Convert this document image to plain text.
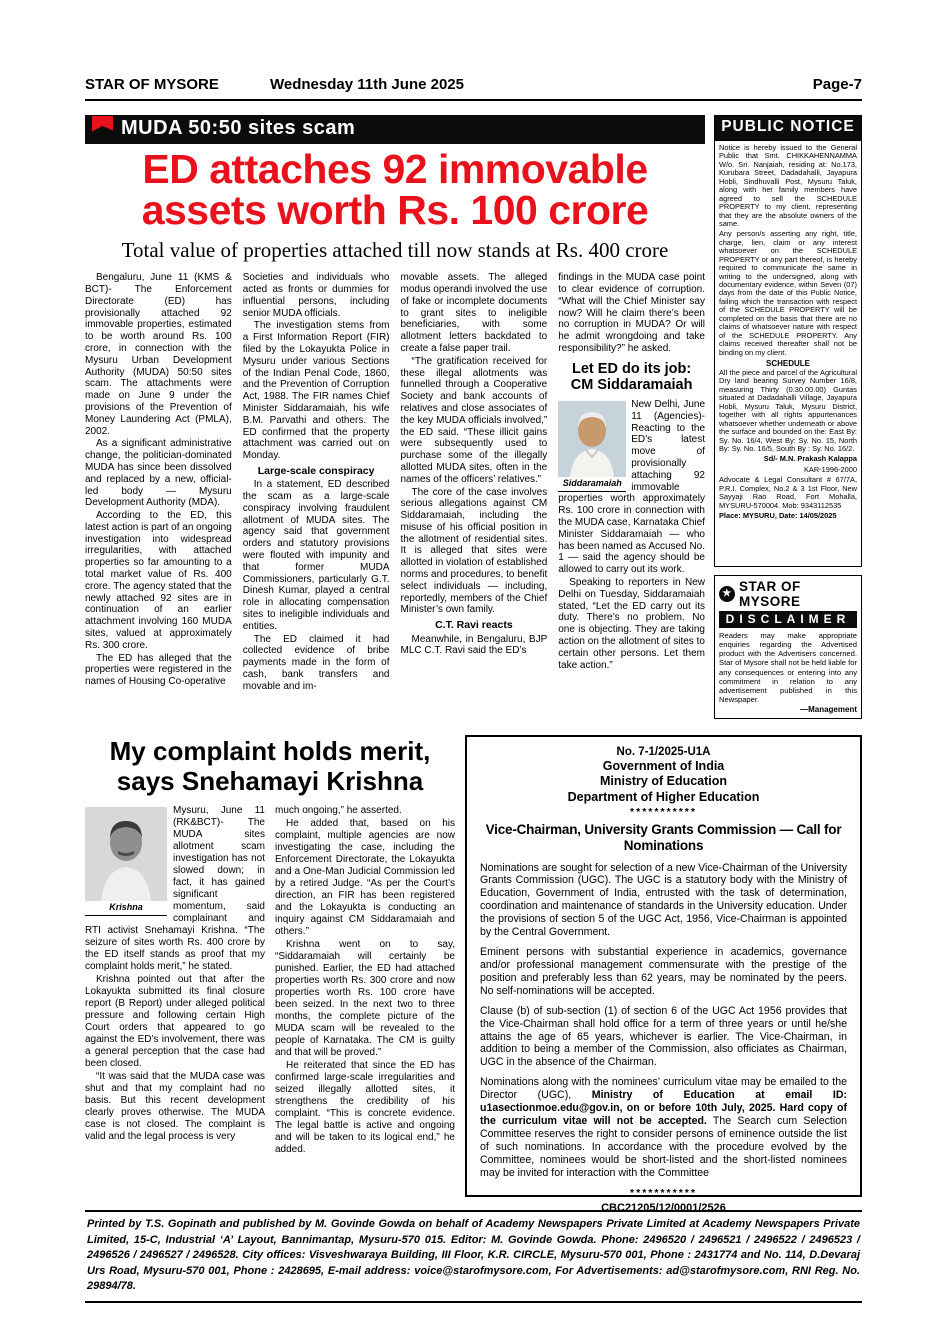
STAR OF MYSORE	Wednesday 11th June 2025	Page-7
MUDA 50:50 sites scam
ED attaches 92 immovable assets worth Rs. 100 crore
Total value of properties attached till now stands at Rs. 400 crore

Bengaluru, June 11 (KMS & BCT)- The Enforcement Directorate (ED) has provisionally attached 92 immovable properties, estimated to be worth around Rs. 100 crore, in connection with the Mysuru Urban Development Authority (MUDA) 50:50 sites scam. The attachments were made on June 9 under the provisions of the Prevention of Money Laundering Act (PMLA), 2002.

As a significant administrative change, the politician-dominated MUDA has since been dissolved and replaced by a new, official-led body — Mysuru Development Authority (MDA).

According to the ED, this latest action is part of an ongoing investigation into widespread irregularities, with attached properties so far amounting to a total market value of Rs. 400 crore. The agency stated that the newly attached 92 sites are in continuation of an earlier attachment involving 160 MUDA sites, valued at approximately Rs. 300 crore.

The ED has alleged that the properties were registered in the names of Housing Co-operative

Societies and individuals who acted as fronts or dummies for influential persons, including senior MUDA officials.

The investigation stems from a First Information Report (FIR) filed by the Lokayukta Police in Mysuru under various Sections of the Indian Penal Code, 1860, and the Prevention of Corruption Act, 1988. The FIR names Chief Minister Siddaramaiah, his wife B.M. Parvathi and others. The ED confirmed that the property attachment was carried out on Monday.

Large-scale conspiracy

In a statement, ED described the scam as a large-scale conspiracy involving fraudulent allotment of MUDA sites. The agency said that government orders and statutory provisions were flouted with impunity and that former MUDA Commissioners, particularly G.T. Dinesh Kumar, played a central role in allocating compensation sites to ineligible individuals and entities.

The ED claimed it had collected evidence of bribe payments made in the form of cash, bank transfers and movable and im-

movable assets. The alleged modus operandi involved the use of fake or incomplete documents to grant sites to ineligible beneficiaries, with some allotment letters backdated to create a false paper trail.

“The gratification received for these illegal allotments was funnelled through a Cooperative Society and bank accounts of relatives and close associates of the key MUDA officials involved,” the ED said. “These illicit gains were subsequently used to purchase some of the illegally allotted MUDA sites, often in the names of the officers’ relatives.”

The core of the case involves serious allegations against CM Siddaramaiah, including the misuse of his official position in the allotment of residential sites. It is alleged that sites were allotted in violation of established norms and procedures, to benefit select individuals — including, reportedly, members of the Chief Minister’s own family.

C.T. Ravi reacts

Meanwhile, in Bengaluru, BJP MLC C.T. Ravi said the ED’s

findings in the MUDA case point to clear evidence of corruption. “What will the Chief Minister say now? Will he claim there’s been no corruption in MUDA? Or will he admit wrongdoing and take responsibility?” he asked.

Let ED do its job:
CM Siddaramaiah
Siddaramaiah

New Delhi, June 11 (Agencies)- Reacting to the ED’s latest move of provisionally attaching 92 immovable properties worth approximately Rs. 100 crore in connection with the MUDA case, Karnataka Chief Minister Siddaramaiah — who has been named as Accused No. 1 — said the agency should be allowed to carry out its work.

Speaking to reporters in New Delhi on Tuesday, Siddaramaiah stated, “Let the ED carry out its duty. There’s no problem. No one is objecting. They are taking action on the allotment of sites to certain other persons. Let them take action.”

PUBLIC NOTICE

Notice is hereby issued to the General Public that Smt. CHIKKAHENNAMMA W/o. Sri. Nanjaiah, residing at: No.173, Kurubara Street, Dadadahalli, Jayapura Hobli, Sindhuvalli Post, Mysuru Taluk, along with her family members have agreed to sell the SCHEDULE PROPERTY to my client, representing that they are the absolute owners of the same.

Any person/s asserting any right, title, charge, lien, claim or any interest whatsoever on the SCHEDULE PROPERTY or any part thereof, is hereby required to communicate the same in writing to the undersigned, along with documentary evidence, within Seven (07) days from the date of this Public Notice, failing which the transaction with respect of the SCHEDULE PROPERTY will be completed on the basis that there are no claims of whatsoever nature with respect of the SCHEDULE PROPERTY. Any claims received thereafter shall not be binding on my client.

SCHEDULE

All the piece and parcel of the Agricultural Dry land bearing Survey Number 16/8, measuring Thirty (0.30.00.00) Guntas situated at Dadadahalli Village, Jayapura Hobli, Mysuru Taluk, Mysuru District, together with all rights appurtenances whatsoever whether underneath or above the surface and bounded on the: East By: Sy. No. 16/4, West By: Sy. No. 15, North By: Sy. No. 16/5, South By : Sy. No. 16/2.

Sd/- M.N. Prakash Kalappa

KAR-1996-2000

Advocate & Legal Consultant # 67/7A, P.R.I. Complex, No.2 & 3 1st Floor, New Sayyaji Rao Road, Fort Mohalla, MYSURU-570004. Mob: 9343112535

Place: MYSURU, Date: 14/05/2025

★ STAR OF MYSORE
DISCLAIMER

Readers may make appropriate enquiries regarding the Advertised product with the Advertisers concerned. Star of Mysore shall not be held liable for any consequences or entering into any commitment in relation to any advertisement published in this Newspaper.

—Management
My complaint holds merit, says Snehamayi Krishna
Krishna

Mysuru, June 11 (RK&BCT)- The MUDA sites allotment scam investigation has not slowed down; in fact, it has gained significant momentum, said complainant and RTI activist Snehamayi Krishna. “The seizure of sites worth Rs. 400 crore by the ED itself stands as proof that my complaint holds merit,” he stated.

Krishna pointed out that after the Lokayukta submitted its final closure report (B Report) under alleged political pressure and following certain High Court orders that appeared to go against the ED’s involvement, there was a general perception that the case had been closed.

“It was said that the MUDA case was shut and that my complaint had no basis. But this recent development clearly proves otherwise. The MUDA case is not closed. The complaint is valid and the legal process is very

much ongoing,” he asserted.

He added that, based on his complaint, multiple agencies are now investigating the case, including the Enforcement Directorate, the Lokayukta and a One-Man Judicial Commission led by a retired Judge. “As per the Court’s direction, an FIR has been registered and the Lokayukta is conducting an inquiry against CM Siddaramaiah and others.”

Krishna went on to say, “Siddaramaiah will certainly be punished. Earlier, the ED had attached properties worth Rs. 300 crore and now properties worth Rs. 100 crore have been seized. In the next two to three months, the complete picture of the MUDA scam will be revealed to the people of Karnataka. The CM is guilty and that will be proved.”

He reiterated that since the ED has confirmed large-scale irregularities and seized illegally allotted sites, it strengthens the credibility of his complaint. “This is concrete evidence. The legal battle is active and ongoing and will be taken to its logical end,” he added.

No. 7-1/2025-U1A
Government of India
Ministry of Education
Department of Higher Education
***********
Vice-Chairman, University Grants Commission — Call for Nominations

Nominations are sought for selection of a new Vice-Chairman of the University Grants Commission (UGC). The UGC is a statutory body with the Ministry of Education, Government of India, entrusted with the task of determination, coordination and maintenance of standards in the University education. Under the provisions of section 5 of the UGC Act, 1956, Vice-Chairman is appointed by the Central Government.

Eminent persons with substantial experience in academics, governance and/or professional management commensurate with the prestige of the position and preferably less than 62 years, may be nominated by the peers. No self-nominations will be accepted.

Clause (b) of sub-section (1) of section 6 of the UGC Act 1956 provides that the Vice-Chairman shall hold office for a term of three years or until he/she attains the age of 65 years, whichever is earlier. The Vice-Chairman, in addition to being a member of the Commission, also officiates as Chairman, UGC in the absence of the Chairman.

Nominations along with the nominees’ curriculum vitae may be emailed to the Director (UGC), Ministry of Education at email ID: u1asectionmoe.edu@gov.in, on or before 10th July, 2025. Hard copy of the curriculum vitae will not be accepted. The Search cum Selection Committee reserves the right to consider persons of eminence outside the list of such nominations. In accordance with the procedure evolved by the Committee, nominees would be short-listed and the short-listed nominees may be invited for interaction with the Committee

***********
CBC21205/12/0001/2526
Printed by T.S. Gopinath and published by M. Govinde Gowda on behalf of Academy Newspapers Private Limited at Academy Newspapers Private Limited, 15-C, Industrial ‘A’ Layout, Bannimantap, Mysuru-570 015. Editor: M. Govinde Gowda. Phone: 2496520 / 2496521 / 2496522 / 2496523 / 2496526 / 2496527 / 2496528. City offices: Visveshwaraya Building, III Floor, K.R. CIRCLE, Mysuru-570 001, Phone : 2431774 and No. 114, D.Devaraj Urs Road, Mysuru-570 001, Phone : 2428695, E-mail address: voice@starofmysore.com, For Advertisements: ad@starofmysore.com, RNI Reg. No. 29894/78.
